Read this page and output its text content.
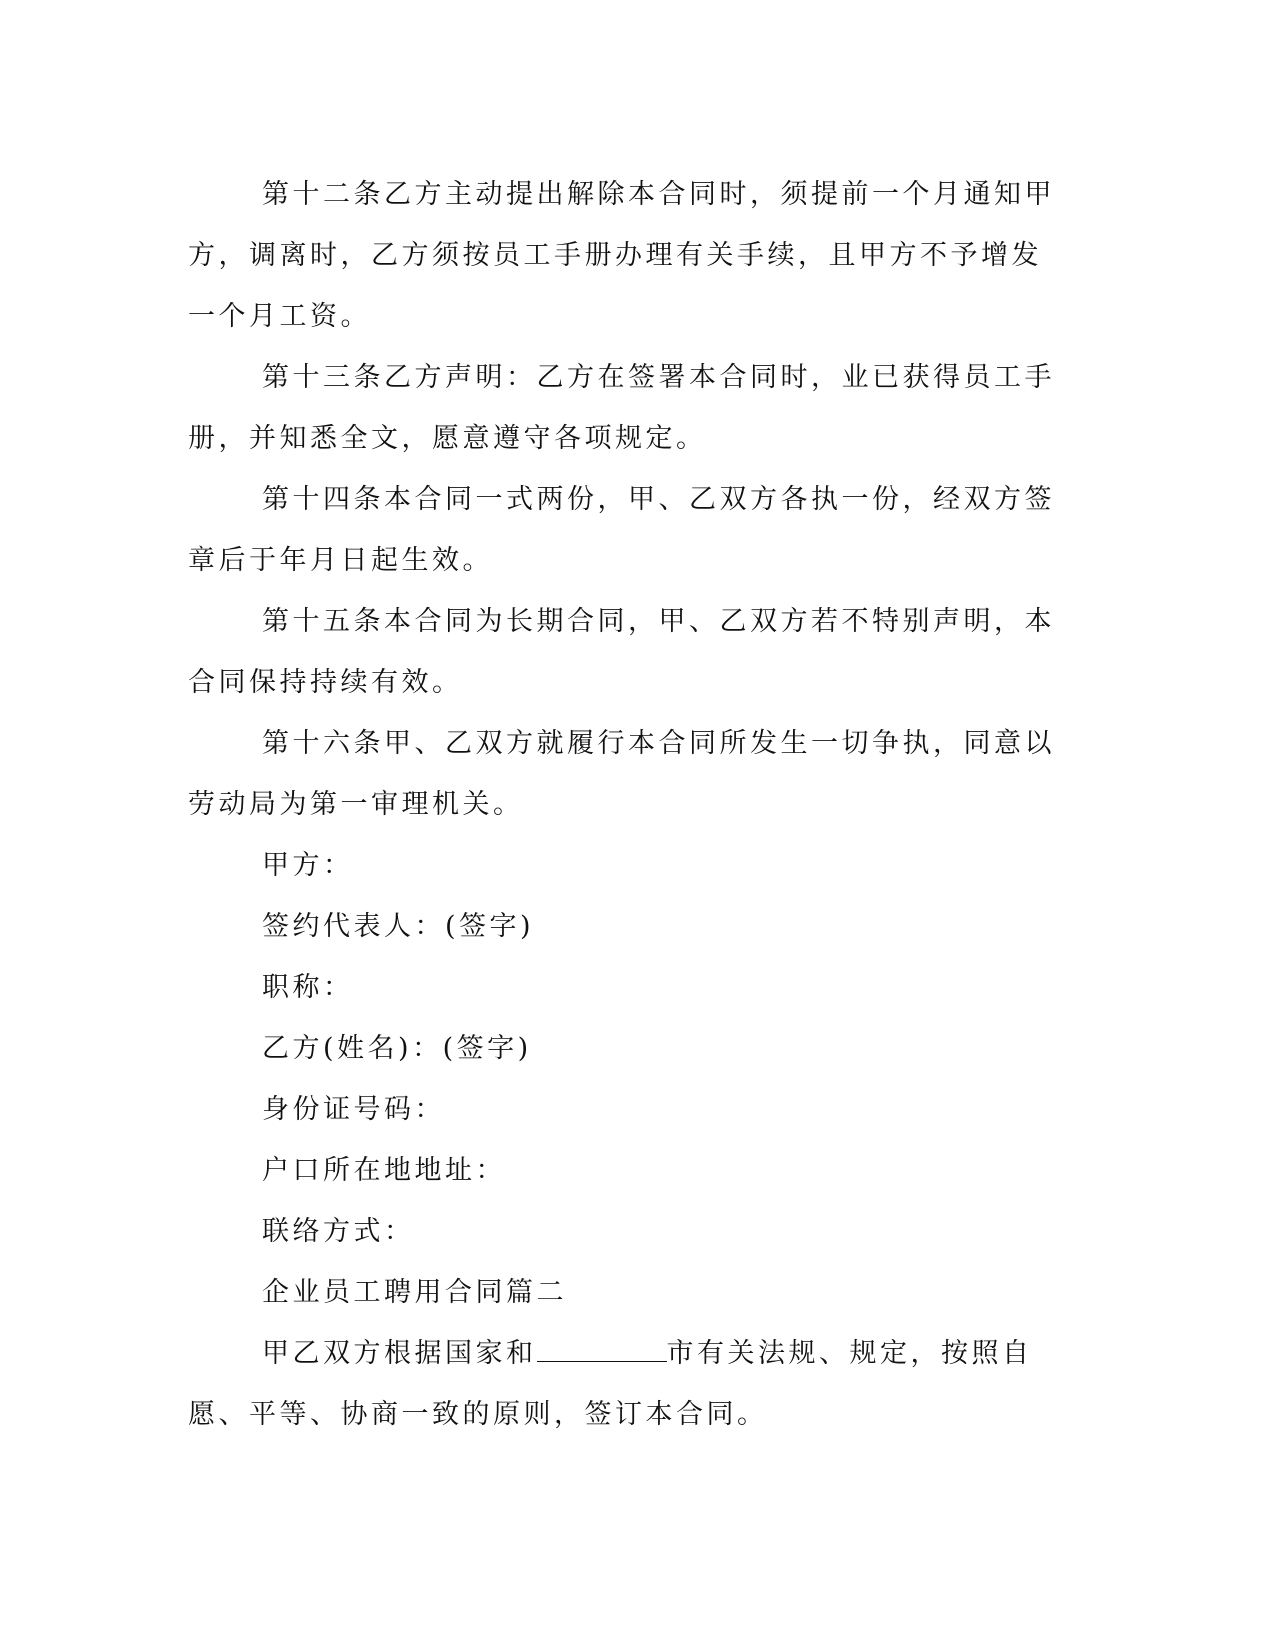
第十二条乙方主动提出解除本合同时，须提前一个月通知甲方，调离时，乙方须按员工手册办理有关手续，且甲方不予增发一个月工资。

第十三条乙方声明：乙方在签署本合同时，业已获得员工手册，并知悉全文，愿意遵守各项规定。

第十四条本合同一式两份，甲、乙双方各执一份，经双方签章后于年月日起生效。

第十五条本合同为长期合同，甲、乙双方若不特别声明，本合同保持持续有效。

第十六条甲、乙双方就履行本合同所发生一切争执，同意以劳动局为第一审理机关。

甲方：

签约代表人：(签字)

职称：

乙方(姓名)：(签字)

身份证号码：

户口所在地地址：

联络方式：

企业员工聘用合同篇二

甲乙双方根据国家和	市有关法规、规定，按照自愿、平等、协商一致的原则，签订本合同。
